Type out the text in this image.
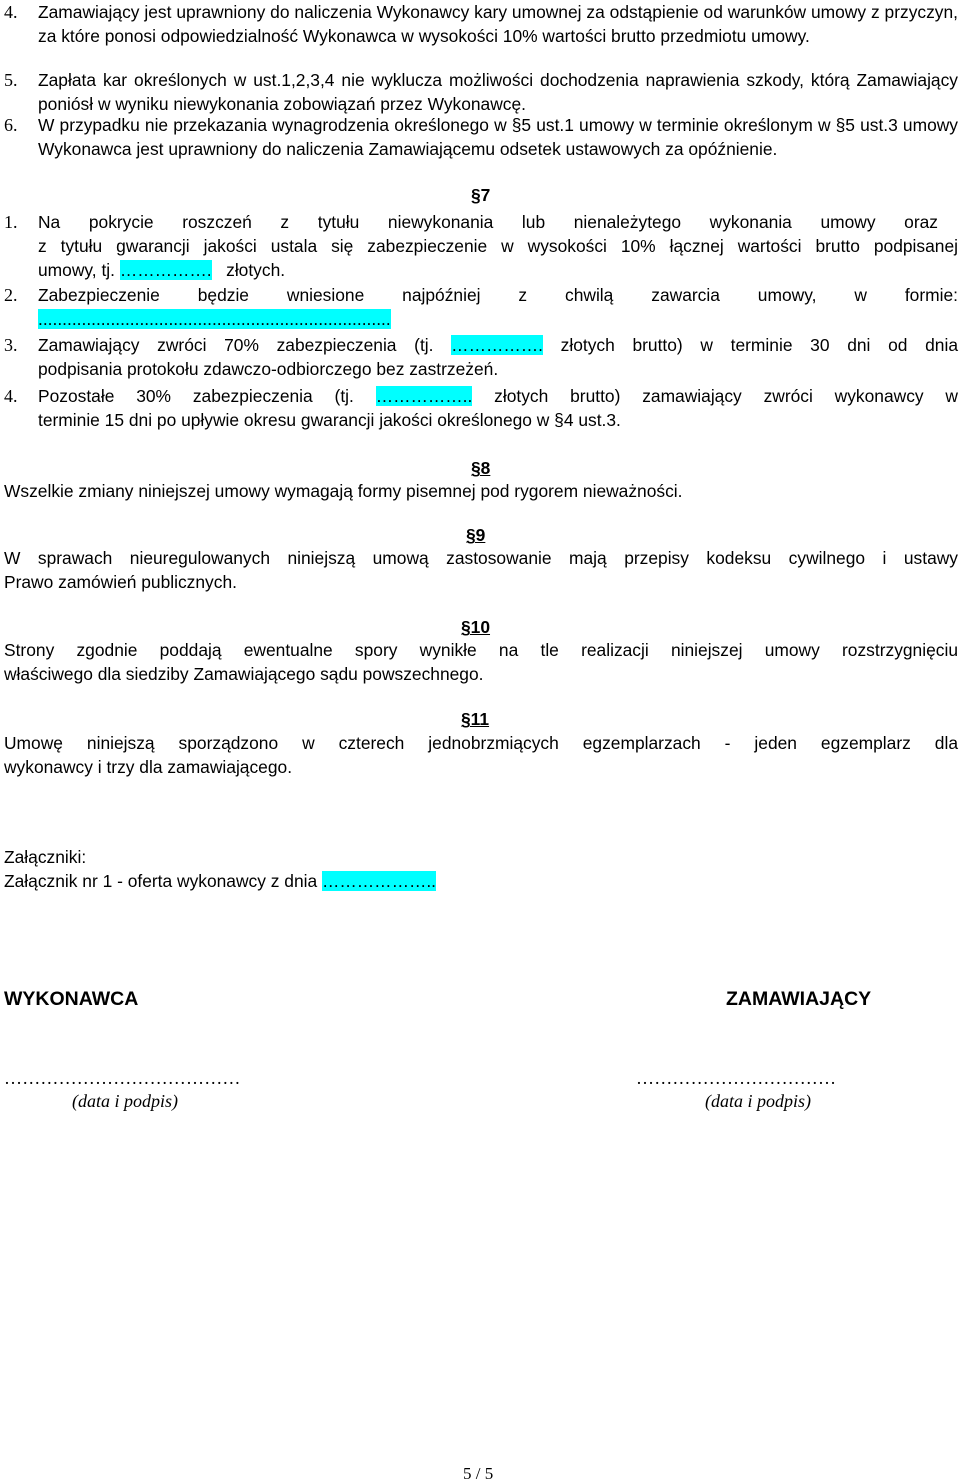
4. Zamawiający jest uprawniony do naliczenia Wykonawcy kary umownej za odstąpienie od warunków umowy z przyczyn, za które ponosi odpowiedzialność Wykonawca w wysokości 10% wartości brutto przedmiotu umowy.
5. Zapłata kar określonych w ust.1,2,3,4 nie wyklucza możliwości dochodzenia naprawienia szkody, którą Zamawiający poniósł w wyniku niewykonania zobowiązań przez Wykonawcę.
6. W przypadku nie przekazania wynagrodzenia określonego w §5 ust.1 umowy w terminie określonym w §5 ust.3 umowy Wykonawca jest uprawniony do naliczenia Zamawiającemu odsetek ustawowych za opóźnienie.
§7
1. Na pokrycie roszczeń z tytułu niewykonania lub nienależytego wykonania umowy oraz
z tytułu gwarancji jakości ustala się zabezpieczenie w wysokości 10% łącznej wartości brutto podpisanej
umowy, tj. …………….   złotych.
2. Zabezpieczenie będzie wniesione najpóźniej z chwilą zawarcia umowy, w formie:
.........................................................................
3. Zamawiający zwróci 70% zabezpieczenia (tj. ……………. złotych brutto) w terminie 30 dni od dnia
podpisania protokołu zdawczo-odbiorczego bez zastrzeżeń.
4. Pozostałe 30% zabezpieczenia (tj. …………….. złotych brutto) zamawiający zwróci wykonawcy w
terminie 15 dni po upływie okresu gwarancji jakości określonego w §4 ust.3.
§8
Wszelkie zmiany niniejszej umowy wymagają formy pisemnej pod rygorem nieważności.
§9
W sprawach nieuregulowanych niniejszą umową zastosowanie mają przepisy kodeksu cywilnego i ustawy
Prawo zamówień publicznych.
§10
Strony zgodnie poddają ewentualne spory wynikłe na tle realizacji niniejszej umowy rozstrzygnięciu
właściwego dla siedziby Zamawiającego sądu powszechnego.
§11
Umowę niniejszą sporządzono w czterech jednobrzmiących egzemplarzach - jeden egzemplarz dla
wykonawcy i trzy dla zamawiającego.
Załączniki:
Załącznik nr 1 - oferta wykonawcy z dnia ………………..
WYKONAWCA	ZAMAWIAJĄCY
…………………………………	……………………………
(data i podpis)	(data i podpis)
5 / 5
